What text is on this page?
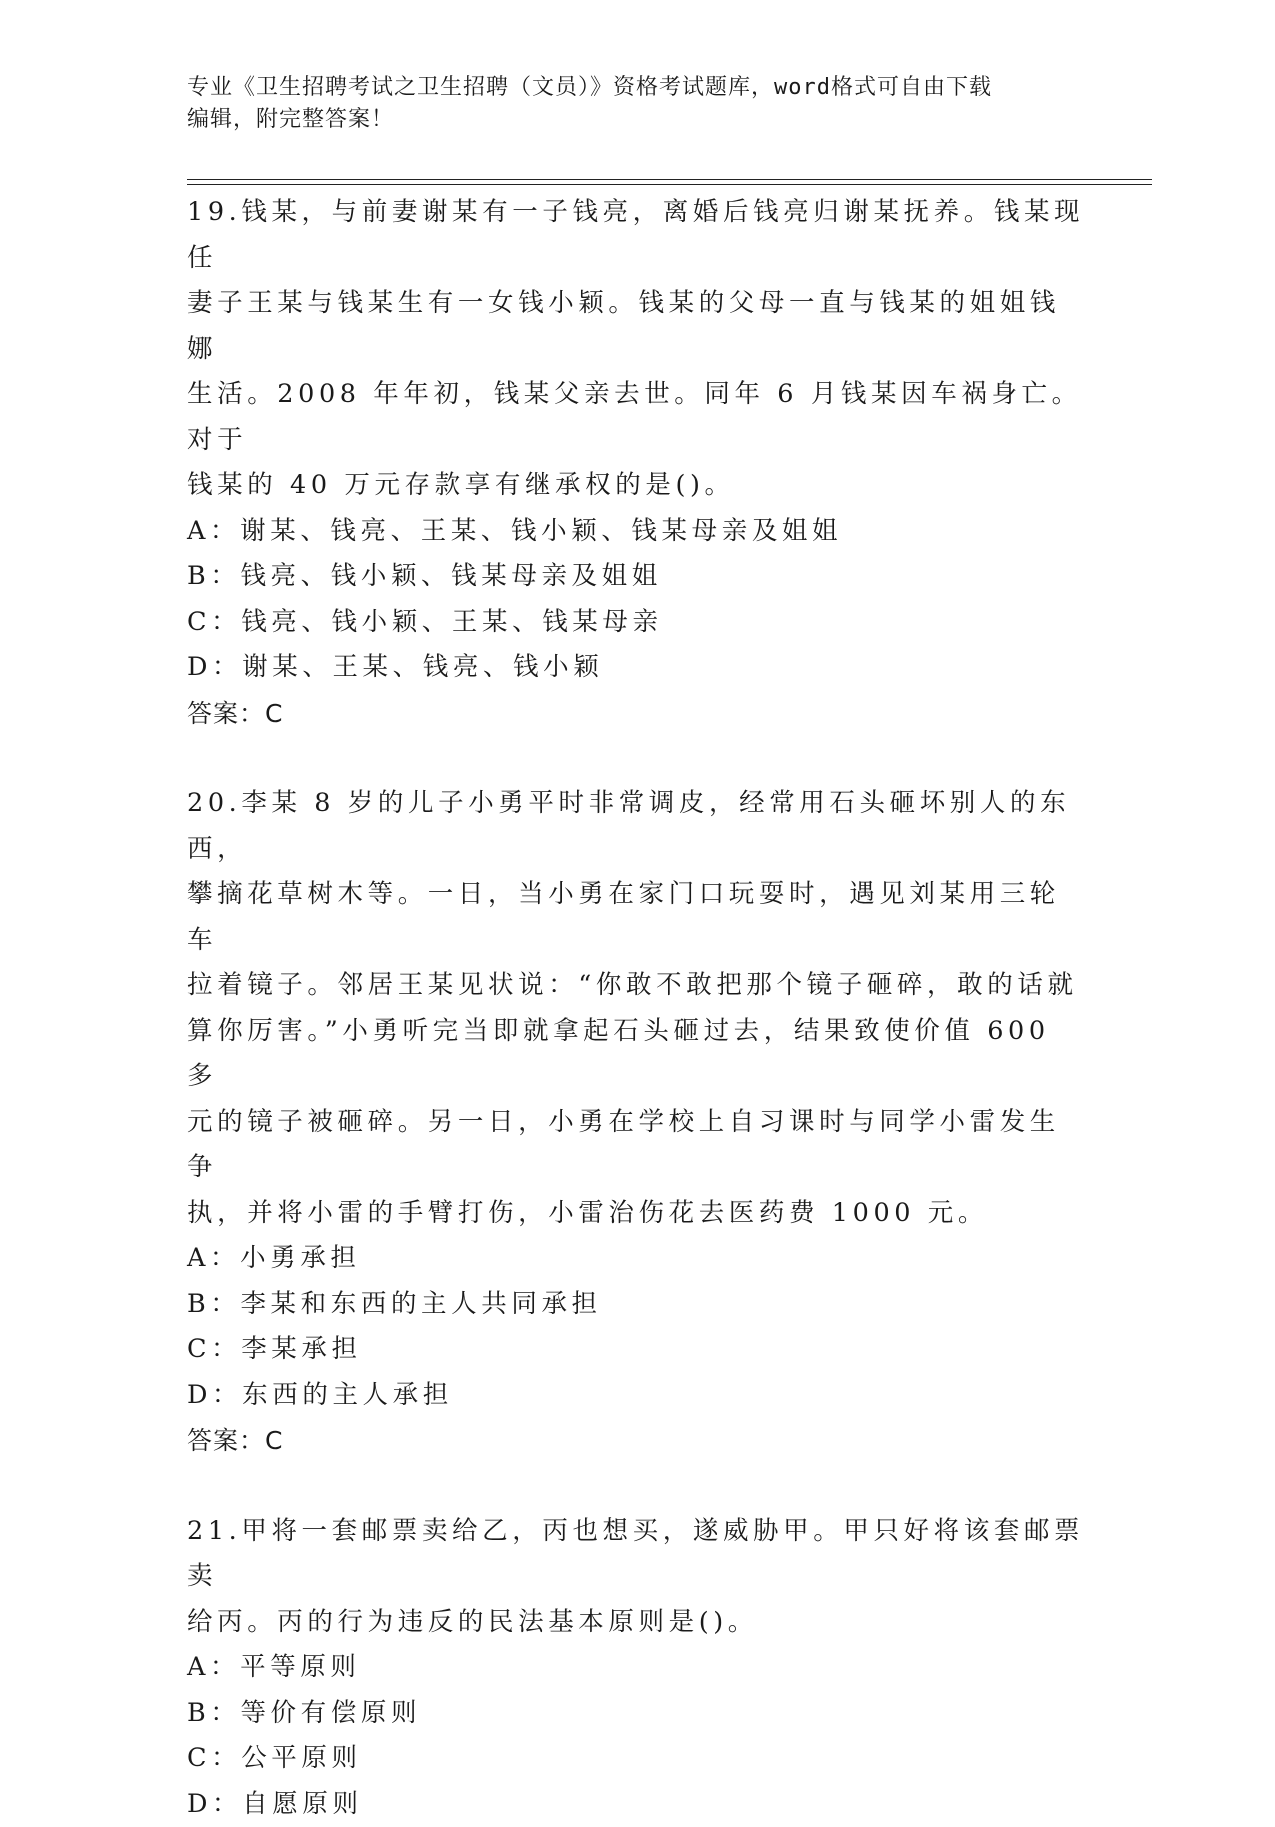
专业《卫生招聘考试之卫生招聘（文员）》资格考试题库，word格式可自由下载
编辑，附完整答案！

19.钱某，与前妻谢某有一子钱亮，离婚后钱亮归谢某抚养。钱某现任

妻子王某与钱某生有一女钱小颖。钱某的父母一直与钱某的姐姐钱娜

生活。2008 年年初，钱某父亲去世。同年 6 月钱某因车祸身亡。对于

钱某的 40 万元存款享有继承权的是()。

A：谢某、钱亮、王某、钱小颖、钱某母亲及姐姐

B：钱亮、钱小颖、钱某母亲及姐姐

C：钱亮、钱小颖、王某、钱某母亲

D：谢某、王某、钱亮、钱小颖

答案：C

20.李某 8 岁的儿子小勇平时非常调皮，经常用石头砸坏别人的东西，

攀摘花草树木等。一日，当小勇在家门口玩耍时，遇见刘某用三轮车

拉着镜子。邻居王某见状说：“你敢不敢把那个镜子砸碎，敢的话就

算你厉害。”小勇听完当即就拿起石头砸过去，结果致使价值 600 多

元的镜子被砸碎。另一日，小勇在学校上自习课时与同学小雷发生争

执，并将小雷的手臂打伤，小雷治伤花去医药费 1000 元。

A：小勇承担

B：李某和东西的主人共同承担

C：李某承担

D：东西的主人承担

答案：C

21.甲将一套邮票卖给乙，丙也想买，遂威胁甲。甲只好将该套邮票卖

给丙。丙的行为违反的民法基本原则是()。

A：平等原则

B：等价有偿原则

C：公平原则

D：自愿原则
